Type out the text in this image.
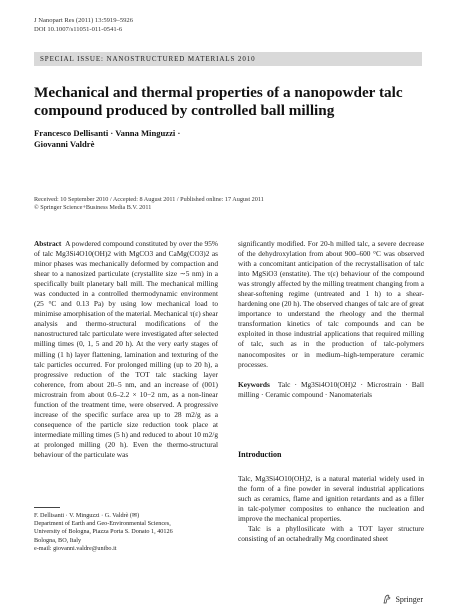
J Nanopart Res (2011) 13:5919–5926
DOI 10.1007/s11051-011-0541-6
SPECIAL ISSUE: NANOSTRUCTURED MATERIALS 2010
Mechanical and thermal properties of a nanopowder talc compound produced by controlled ball milling
Francesco Dellisanti · Vanna Minguzzi ·
Giovanni Valdrè
Received: 10 September 2010 / Accepted: 8 August 2011 / Published online: 17 August 2011
© Springer Science+Business Media B.V. 2011

Abstract A powdered compound constituted by over the 95% of talc Mg3Si4O10(OH)2 with MgCO3 and CaMg(CO3)2 as minor phases was mechanically deformed by compaction and shear to a nanosized particulate (crystallite size ∼5 nm) in a specifically built planetary ball mill. The mechanical milling was conducted in a controlled thermodynamic environment (25 °C and 0.13 Pa) by using low mechanical load to minimise amorphisation of the material. Mechanical τ(ε) shear analysis and thermo-structural modifications of the nanostructured talc particulate were investigated after selected milling times (0, 1, 5 and 20 h). At the very early stages of milling (1 h) layer flattening, lamination and texturing of the talc particles occurred. For prolonged milling (up to 20 h), a progressive reduction of the TOT talc stacking layer coherence, from about 20–5 nm, and an increase of (001) microstrain from about 0.6–2.2 × 10−2 nm, as a non-linear function of the treatment time, were observed. A progressive increase of the specific surface area up to 28 m2/g as a consequence of the particle size reduction took place at intermediate milling times (5 h) and reduced to about 10 m2/g at prolonged milling (20 h). Even the thermo-structural behaviour of the particulate was

significantly modified. For 20-h milled talc, a severe decrease of the dehydroxylation from about 900–600 °C was observed with a concomitant anticipation of the recrystallisation of talc into MgSiO3 (enstatite). The τ(ε) behaviour of the compound was strongly affected by the milling treatment changing from a shear-softening regime (untreated and 1 h) to a shear-hardening one (20 h). The observed changes of talc are of great importance to understand the rheology and the thermal transformation kinetics of talc compounds and can be exploited in those industrial applications that required milling of talc, such as in the production of talc-polymers nanocomposites or in medium–high-temperature ceramic processes.

Keywords Talc · Mg3Si4O10(OH)2 · Microstrain · Ball milling · Ceramic compound · Nanomaterials

Introduction

Talc, Mg3Si4O10(OH)2, is a natural material widely used in the form of a fine powder in several industrial applications such as ceramics, flame and ignition retardants and as a filler in talc-polymer composites to enhance the nucleation and improve the mechanical properties.

Talc is a phyllosilicate with a TOT layer structure consisting of an octahedrally Mg coordinated sheet

F. Dellisanti · V. Minguzzi · G. Valdrè (✉)
Department of Earth and Geo-Environmental Sciences,
University of Bologna, Piazza Porta S. Donato 1, 40126
Bologna, BO, Italy
e-mail: giovanni.valdre@unibo.it
Springer
